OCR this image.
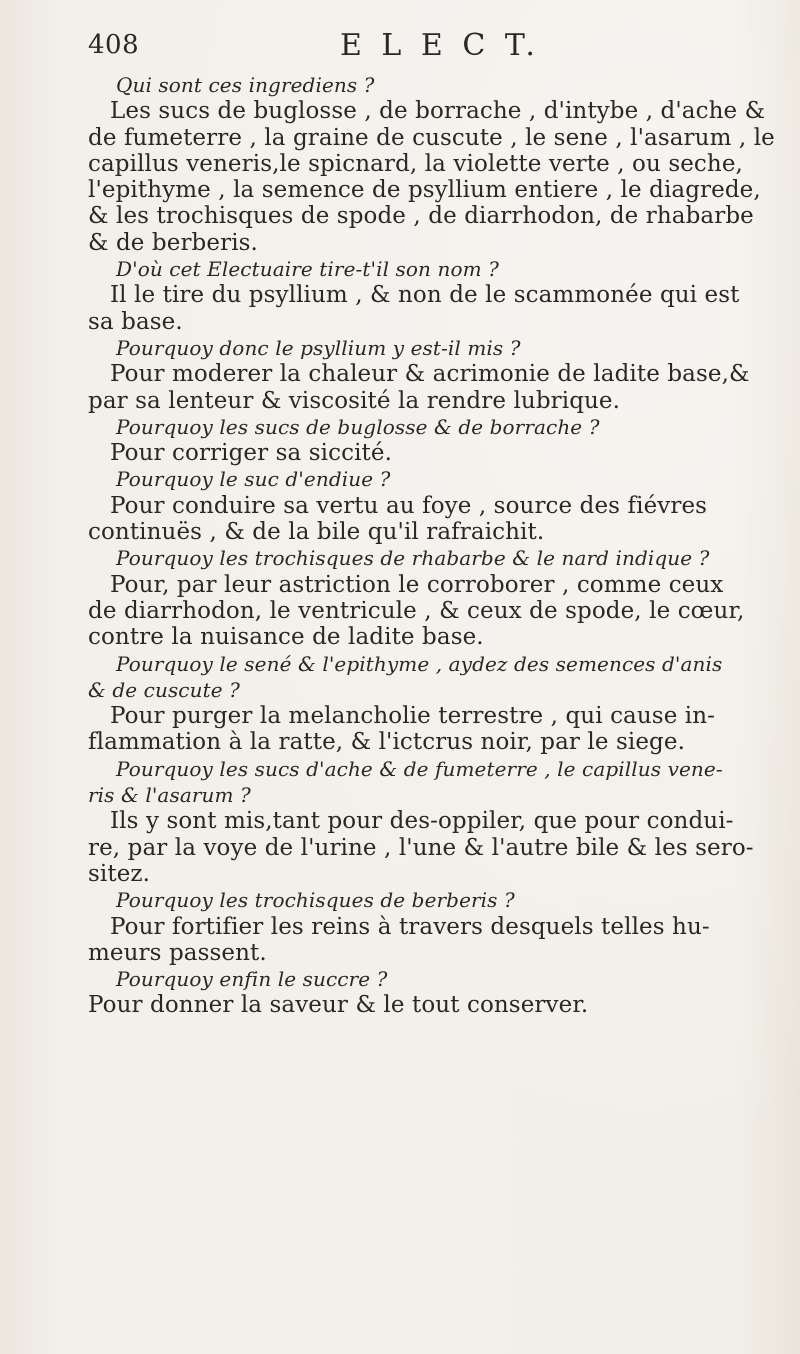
408	E L E C T.
Qui sont ces ingrediens ?
Les sucs de buglosse , de borrache , d'intybe , d'ache &
de fumeterre , la graine de cuscute , le sene , l'asarum , le
capillus veneris,le spicnard, la violette verte , ou seche,
l'epithyme , la semence de psyllium entiere , le diagrede,
& les trochisques de spode , de diarrhodon, de rhabarbe
& de berberis.
D'où cet Electuaire tire-t'il son nom ?
Il le tire du psyllium , & non de le scammonée qui est
sa base.
Pourquoy donc le psyllium y est-il mis ?
Pour moderer la chaleur & acrimonie de ladite base,&
par sa lenteur & viscosité la rendre lubrique.
Pourquoy les sucs de buglosse & de borrache ?
Pour corriger sa siccité.
Pourquoy le suc d'endiue ?
Pour conduire sa vertu au foye , source des fiévres
continuës , & de la bile qu'il rafraichit.
Pourquoy les trochisques de rhabarbe & le nard indique ?
Pour, par leur astriction le corroborer , comme ceux
de diarrhodon, le ventricule , & ceux de spode, le cœur,
contre la nuisance de ladite base.
Pourquoy le sené & l'epithyme , aydez des semences d'anis
& de cuscute ?
Pour purger la melancholie terrestre , qui cause in-
flammation à la ratte, & l'ictcrus noir, par le siege.
Pourquoy les sucs d'ache & de fumeterre , le capillus vene-
ris & l'asarum ?
Ils y sont mis,tant pour des-oppiler, que pour condui-
re, par la voye de l'urine , l'une & l'autre bile & les sero-
sitez.
Pourquoy les trochisques de berberis ?
Pour fortifier les reins à travers desquels telles hu-
meurs passent.
Pourquoy enfin le succre ?
Pour donner la saveur & le tout conserver.
